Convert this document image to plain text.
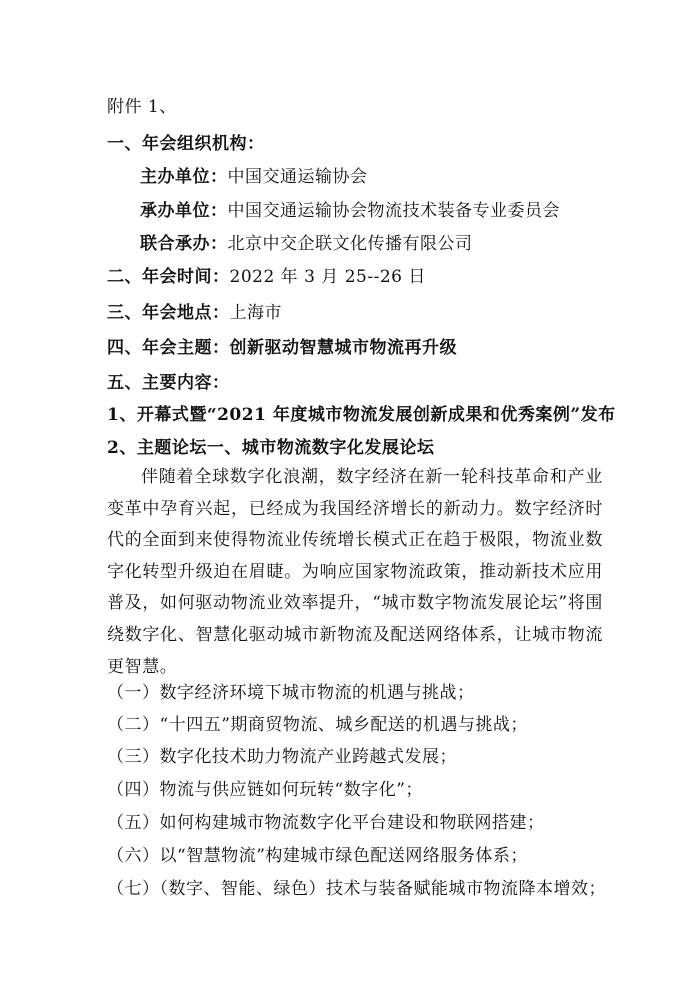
附件 1、
一、年会组织机构：
主办单位：中国交通运输协会
承办单位：中国交通运输协会物流技术装备专业委员会
联合承办：北京中交企联文化传播有限公司
二、年会时间：2022 年 3 月 25--26 日
三、年会地点：上海市
四、年会主题：创新驱动智慧城市物流再升级
五、主要内容：
1、开幕式暨“2021 年度城市物流发展创新成果和优秀案例”发布
2、主题论坛一、城市物流数字化发展论坛
伴随着全球数字化浪潮，数字经济在新一轮科技革命和产业变革中孕育兴起，已经成为我国经济增长的新动力。数字经济时代的全面到来使得物流业传统增长模式正在趋于极限，物流业数字化转型升级迫在眉睫。为响应国家物流政策，推动新技术应用普及，如何驱动物流业效率提升，“城市数字物流发展论坛”将围绕数字化、智慧化驱动城市新物流及配送网络体系，让城市物流更智慧。
（一）数字经济环境下城市物流的机遇与挑战；
（二）“十四五”期商贸物流、城乡配送的机遇与挑战；
（三）数字化技术助力物流产业跨越式发展；
（四）物流与供应链如何玩转“数字化”；
（五）如何构建城市物流数字化平台建设和物联网搭建；
（六）以“智慧物流”构建城市绿色配送网络服务体系；
（七）（数字、智能、绿色）技术与装备赋能城市物流降本增效；
